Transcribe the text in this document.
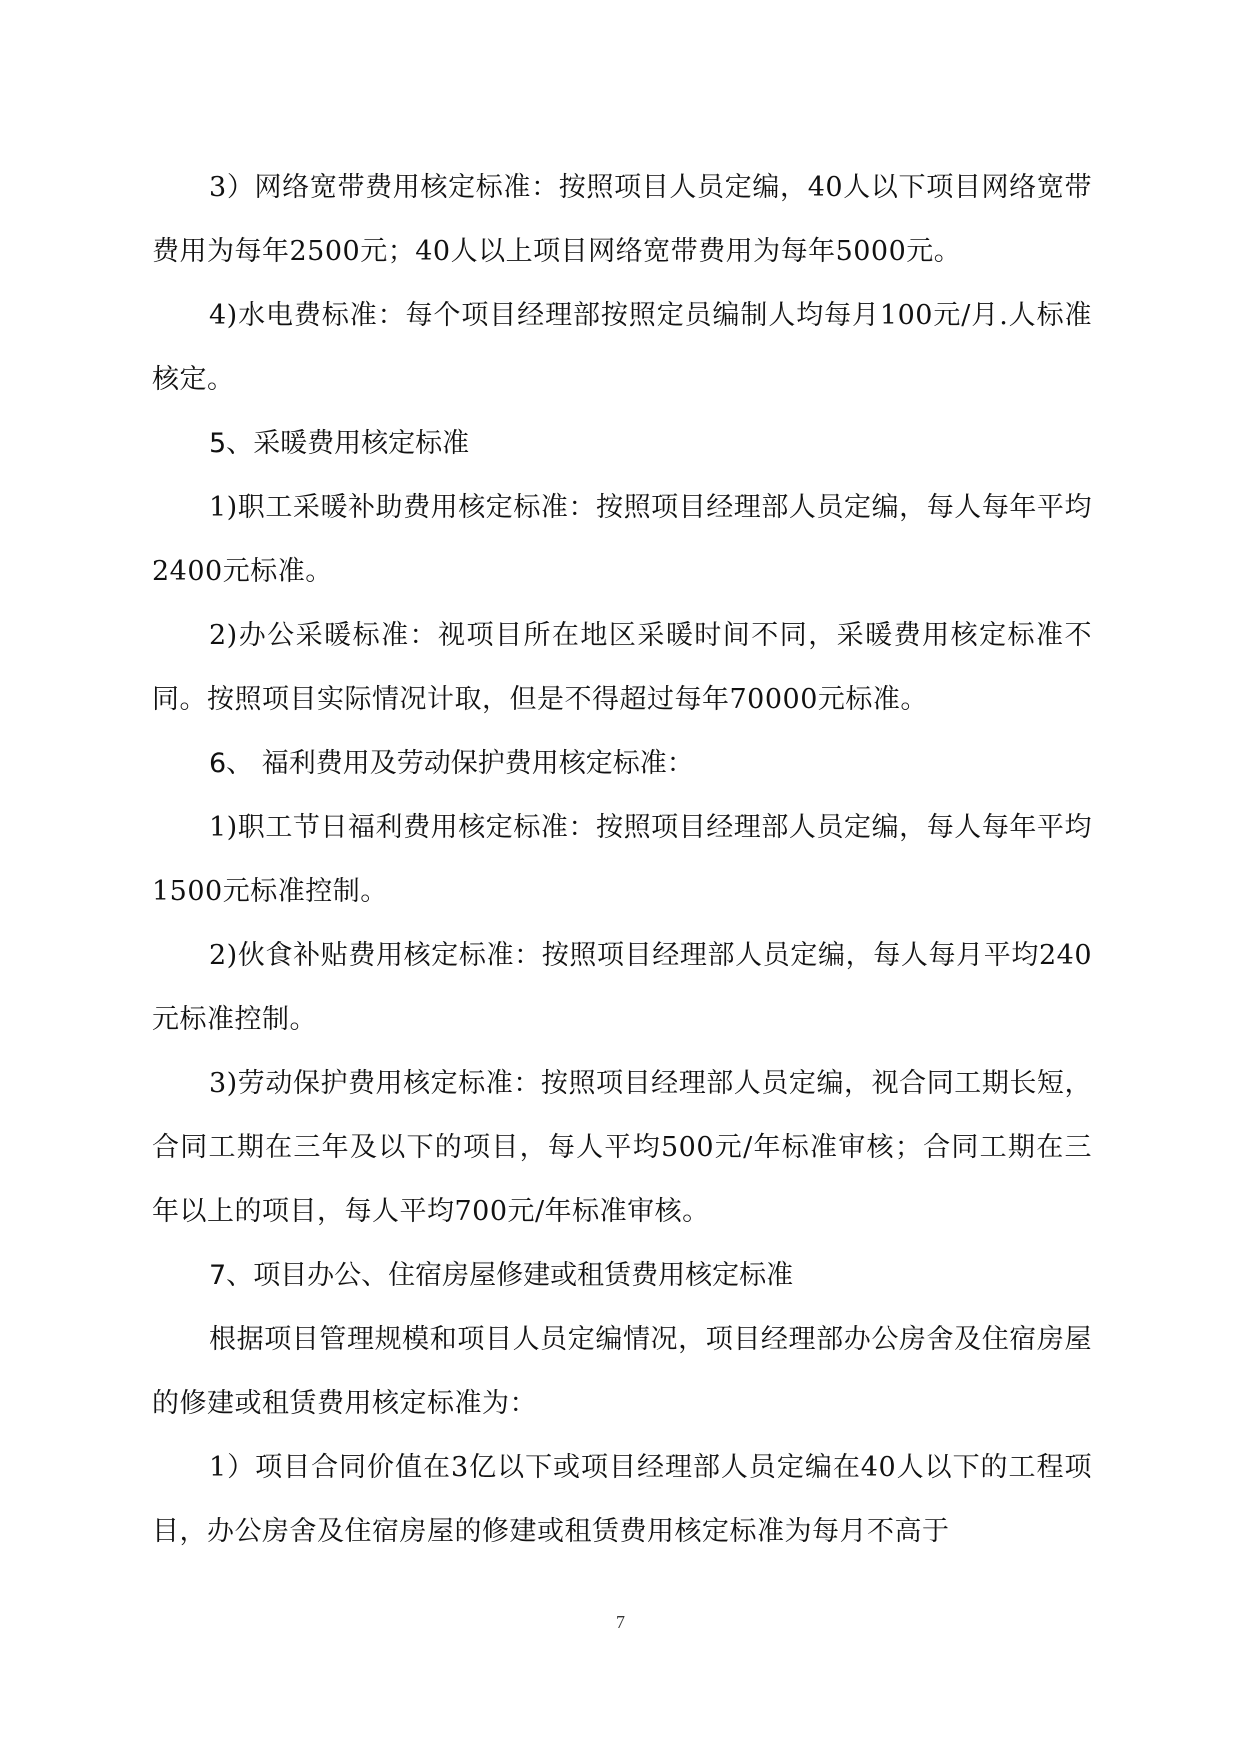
3）网络宽带费用核定标准：按照项目人员定编，40人以下项目网络宽带费用为每年2500元；40人以上项目网络宽带费用为每年5000元。

4)水电费标准：每个项目经理部按照定员编制人均每月100元/月.人标准核定。

5、采暖费用核定标准

1)职工采暖补助费用核定标准：按照项目经理部人员定编，每人每年平均2400元标准。

2)办公采暖标准：视项目所在地区采暖时间不同，采暖费用核定标准不同。按照项目实际情况计取，但是不得超过每年70000元标准。

6、 福利费用及劳动保护费用核定标准：

1)职工节日福利费用核定标准：按照项目经理部人员定编，每人每年平均1500元标准控制。

2)伙食补贴费用核定标准：按照项目经理部人员定编，每人每月平均240元标准控制。

3)劳动保护费用核定标准：按照项目经理部人员定编，视合同工期长短，合同工期在三年及以下的项目，每人平均500元/年标准审核；合同工期在三年以上的项目，每人平均700元/年标准审核。

7、项目办公、住宿房屋修建或租赁费用核定标准

根据项目管理规模和项目人员定编情况，项目经理部办公房舍及住宿房屋的修建或租赁费用核定标准为：

1）项目合同价值在3亿以下或项目经理部人员定编在40人以下的工程项目，办公房舍及住宿房屋的修建或租赁费用核定标准为每月不高于

7
